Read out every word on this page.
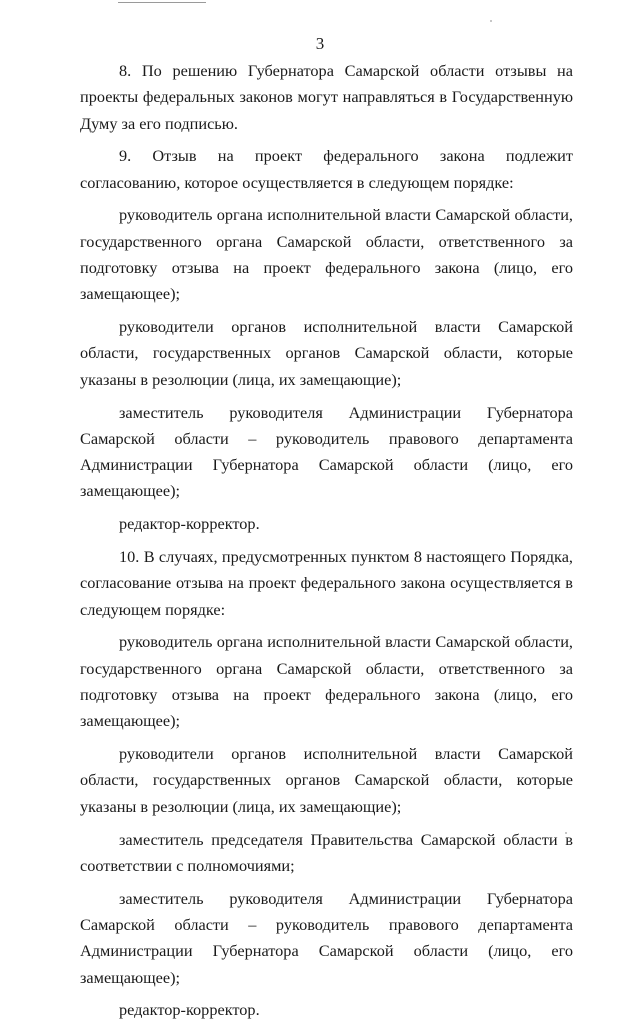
3

8. По решению Губернатора Самарской области отзывы на проекты федеральных законов могут направляться в Государственную Думу за его подписью.

9. Отзыв на проект федерального закона подлежит согласованию, которое осуществляется в следующем порядке:

руководитель органа исполнительной власти Самарской области, государственного органа Самарской области, ответственного за подготовку отзыва на проект федерального закона (лицо, его замещающее);

руководители органов исполнительной власти Самарской области, государственных органов Самарской области, которые указаны в резолюции (лица, их замещающие);

заместитель руководителя Администрации Губернатора Самарской области – руководитель правового департамента Администрации Губернатора Самарской области (лицо, его замещающее);

редактор-корректор.

10. В случаях, предусмотренных пунктом 8 настоящего Порядка, согласование отзыва на проект федерального закона осуществляется в следующем порядке:

руководитель органа исполнительной власти Самарской области, государственного органа Самарской области, ответственного за подготовку отзыва на проект федерального закона (лицо, его замещающее);

руководители органов исполнительной власти Самарской области, государственных органов Самарской области, которые указаны в резолюции (лица, их замещающие);

заместитель председателя Правительства Самарской области в соответствии с полномочиями;

заместитель руководителя Администрации Губернатора Самарской области – руководитель правового департамента Администрации Губернатора Самарской области (лицо, его замещающее);

редактор-корректор.
